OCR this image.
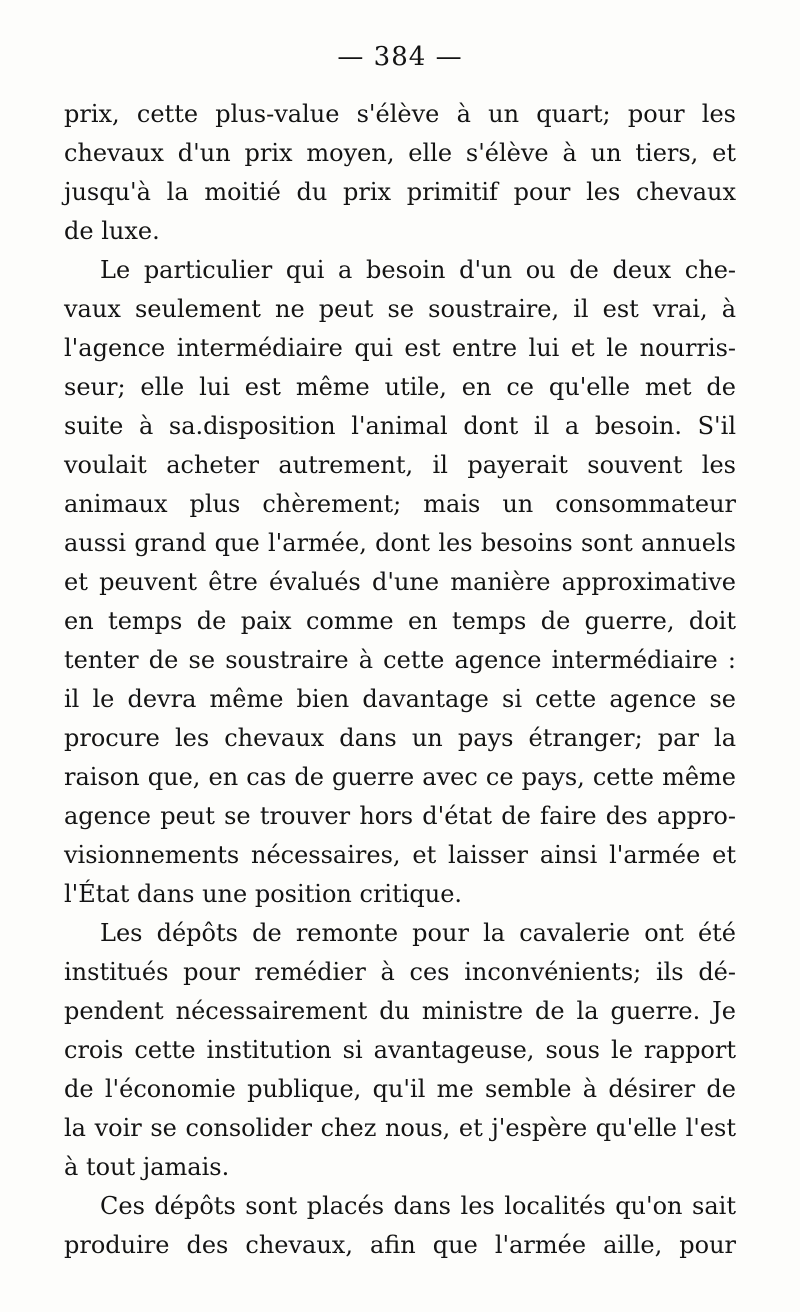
— 384 —
prix, cette plus-value s'élève à un quart; pour les
chevaux d'un prix moyen, elle s'élève à un tiers, et
jusqu'à la moitié du prix primitif pour les chevaux
de luxe.
Le particulier qui a besoin d'un ou de deux che-
vaux seulement ne peut se soustraire, il est vrai, à
l'agence intermédiaire qui est entre lui et le nourris-
seur; elle lui est même utile, en ce qu'elle met de
suite à sa.disposition l'animal dont il a besoin. S'il
voulait acheter autrement, il payerait souvent les
animaux plus chèrement; mais un consommateur
aussi grand que l'armée, dont les besoins sont annuels
et peuvent être évalués d'une manière approximative
en temps de paix comme en temps de guerre, doit
tenter de se soustraire à cette agence intermédiaire :
il le devra même bien davantage si cette agence se
procure les chevaux dans un pays étranger; par la
raison que, en cas de guerre avec ce pays, cette même
agence peut se trouver hors d'état de faire des appro-
visionnements nécessaires, et laisser ainsi l'armée et
l'État dans une position critique.
Les dépôts de remonte pour la cavalerie ont été
institués pour remédier à ces inconvénients; ils dé-
pendent nécessairement du ministre de la guerre. Je
crois cette institution si avantageuse, sous le rapport
de l'économie publique, qu'il me semble à désirer de
la voir se consolider chez nous, et j'espère qu'elle l'est
à tout jamais.
Ces dépôts sont placés dans les localités qu'on sait
produire des chevaux, afin que l'armée aille, pour
